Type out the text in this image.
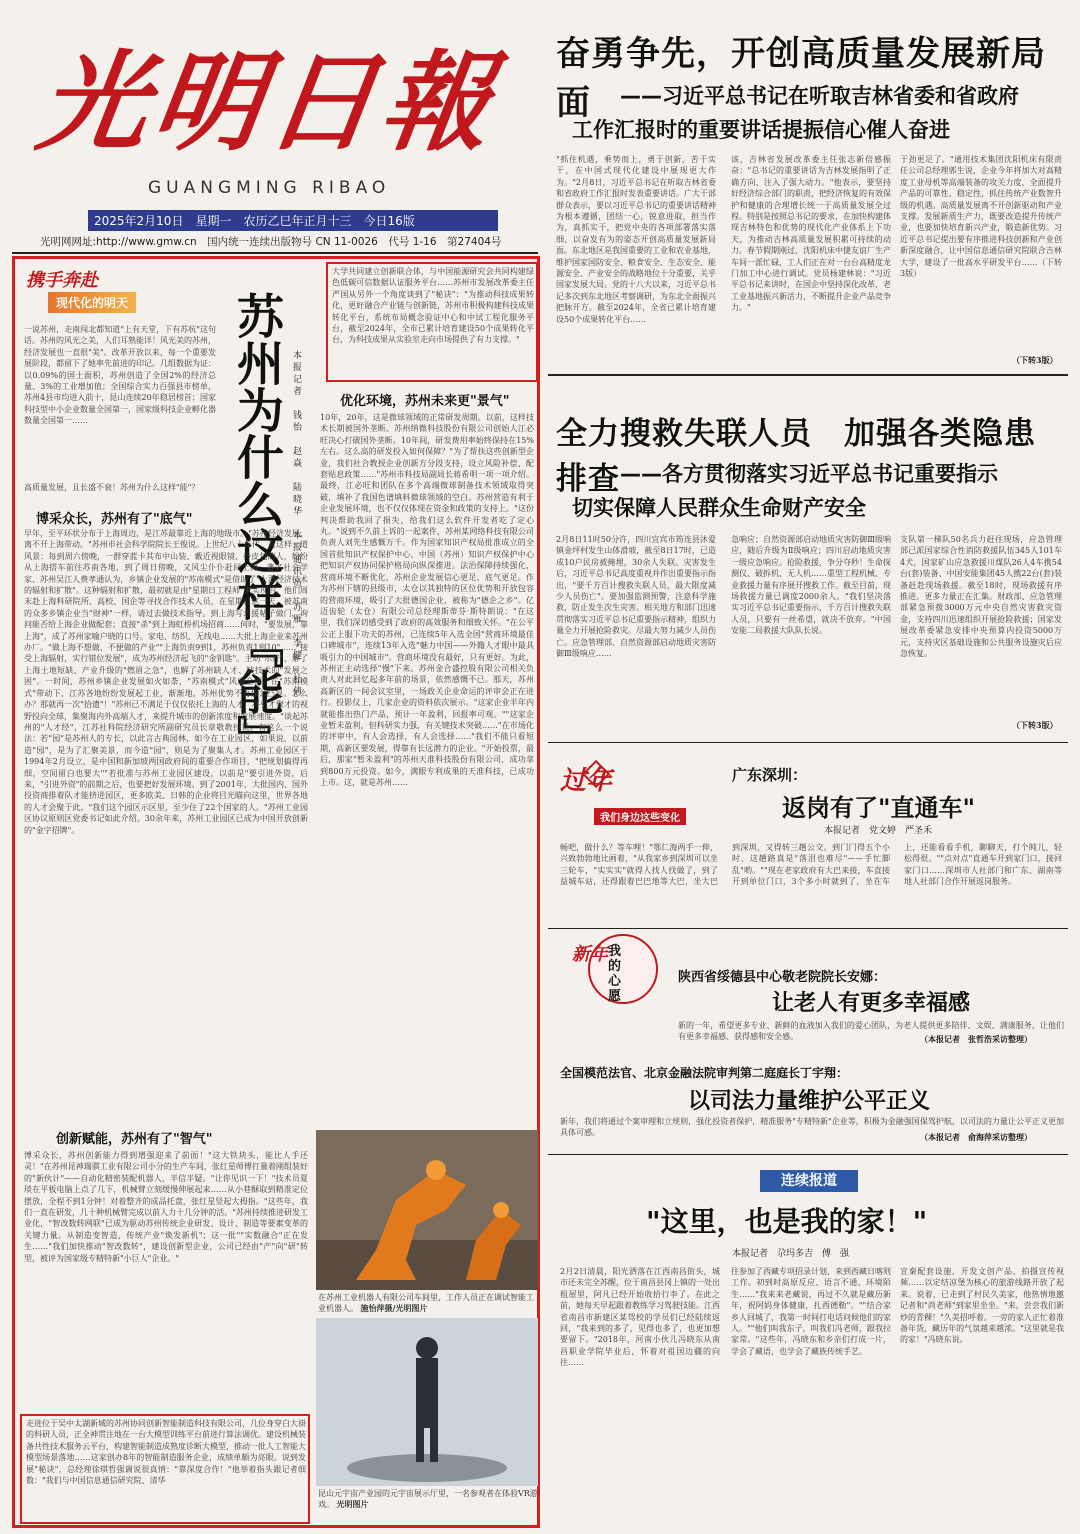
光明日報
GUANGMING RIBAO
2025年2月10日　星期一　农历乙巳年正月十三　今日16版
光明网网址:http://www.gmw.cn　国内统一连续出版物号 CN 11-0026　代号 1-16　第27404号
奋勇争先，开创高质量发展新局面	——习近平总书记在听取吉林省委和省政府
工作汇报时的重要讲话提振信心催人奋进
"抓住机遇，乘势而上，勇于创新，苦干实干，在中国式现代化建设中展现更大作为。"2月8日，习近平总书记在听取吉林省委和省政府工作汇报时发表重要讲话。广大干部群众表示，要以习近平总书记的重要讲话精神为根本遵循，团结一心，锐意进取，担当作为，真抓实干，把党中央的各项部署落实落细，以奋发有为的姿态开创高质量发展新局面。东北地区是我国重要的工业和农业基地，维护国家国防安全、粮食安全、生态安全、能源安全、产业安全的战略地位十分重要，关乎国家发展大局。党的十八大以来，习近平总书记多次到东北地区考察调研，为东北全面振兴把脉开方。截至2024年，全省已累计培育建设50个成果转化平台……
该，吉林省发展改革委主任张志新倍感振奋："总书记的重要讲话为吉林发展指明了正确方向、注入了强大动力。"他表示，要坚持好经济综合部门的职责，把经济恢复的有效保护和健康的合理增长统一于高质量发展全过程。特别是按照总书记的要求，在加快构建体现吉林特色和优势的现代化产业体系上下功夫，为推动吉林高质量发展积累可持续的动力。春节假期刚过，沈阳机床中捷友谊厂生产车间一派忙碌，工人们正在对一台台高精度龙门加工中心进行调试。党员杨建林说："习近平总书记来讲时，在国企中坚持深化改革，老工业基地振兴新活力，不断提升企业产品竞争力。"
于劲更足了。"通用技术集团沈阳机床有限责任公司总经理郭生说，企业今年将加大对高精度工业母机等高端装备的攻关力度，全面提升产品的可靠性、稳定性，抓住传统产业数智升级的机遇。高质量发展离不开创新驱动和产业支撑。发展新质生产力，既要改造提升传统产业，也要加快培育新兴产业，锻造新优势。习近平总书记提出要有序推进科技创新和产业创新深度融合，让中国信息通信研究院联合吉林大学，建设了一批高水平研发平台……（下转3版）
（下转3版）
全力搜救失联人员　加强各类隐患排查 ——各方贯彻落实习近平总书记重要指示
切实保障人民群众生命财产安全
2月8日11时50分许，四川宜宾市筠连县沐爱镇金坪村发生山体滑坡，截至8日17时，已造成10户民房被掩埋，30余人失联。灾害发生后，习近平总书记高度重视并作出重要指示指出，"要千方百计搜救失联人员，最大限度减少人员伤亡"。要加强监测预警，注意科学施救，防止发生次生灾害。相关地方和部门迅速贯彻落实习近平总书记重要指示精神，组织力量全力开展抢险救灾。尽最大努力减少人员伤亡。应急管理部、自然资源部启动地质灾害防御Ⅲ级响应……
急响应；自然资源部启动地质灾害防御Ⅲ级响应，随后升级为Ⅱ级响应；四川启动地质灾害一级应急响应。抢险救援，争分夺秒！生命探测仪、破拆机、无人机……重型工程机械、专业救援力量有序展开搜救工作。截至目前，现场救援力量已调度2000余人。"我们坚决落实习近平总书记重要指示，千方百计搜救失联人员，只要有一丝希望，就决不放弃。"中国安能二局救援大队队长说。
支队第一梯队50名兵力赶往现场，应急管理部已派国家综合性消防救援队伍345人101车4犬，国家矿山应急救援川煤队26人4车携54台(套)装备、中国安能集团45人携22台(套)装备赶赴现场救援。截至18时，现场救援有序推进。更多力量正在汇集。财政部、应急管理部紧急预拨3000万元中央自然灾害救灾资金，支持四川迅速组织开展抢险救援；国家发展改革委紧急安排中央预算内投资5000万元，支持灾区基础设施和公共服务设施灾后应急恢复。
（下转3版）
过年
我们身边这些变化
广东深圳：
返岗有了"直通车"
本报记者　党文婷　严圣禾
畅吧，做什么？等车哩！"鄂仁海两手一伸，兴致勃勃地比画着，"从我家乡到深圳可以坐三轮车，"实实实"就得人找人找做了，到了益城车站，还得跟着巴巴地等大巴，坐大巴到深圳，又得转三趟公交。到门门得五个小时，这趟路真是"落泪也难尽"——手忙脚乱"哟。""现在老家政府有大巴来接，车直接开到单位门口，3个多小时就到了，坐在车上，还能看看手机，聊聊天，打个盹儿，轻松得很。""点对点"直通车开到家门口，接回家门口……深圳市人社部门和广东、湖南等地人社部门合作开展返岗服务。
新年 我的心愿
陕西省绥德县中心敬老院院长安娜：
让老人有更多幸福感
新的一年，希望更多专业、新鲜的血液加入我们的爱心团队，为老人提供更多陪伴、文娱、满康服务，让他们有更多幸福感、获得感和安全感。	（本报记者　张哲浩采访整理）
全国模范法官、北京金融法院审判第二庭庭长丁宇翔：
以司法力量维护公平正义
新年，我们将通过个案审理和立规则，强化投资者保护，精准服务"专精特新"企业等，积极为金融强国保驾护航，以司法的力量让公平正义更加具体可感。	（本报记者　俞海萍采访整理）
连续报道
"这里，也是我的家！"
本报记者　尕玛多吉　傅　强
2月2日清晨，阳光洒落在江西南昌街头，城市还未完全苏醒，位于南昌县冈上镇的一处出租屋里，阿凡已经开始收拾行李了。在此之前，她每天早起跟着教练学习驾驶技能。江西省南昌市新建区某驾校的学员们已经陆续返回，"我来到的多了，见得也多了，也更加想要留下。"2018年，河南小伙儿冯晓东从南昌职业学院毕业后，怀着对祖国边疆的向往……
往参加了西藏专项招录计划，来到西藏日喀则工作。初到时高原反应、语言不通、环境陌生……"我来来老藏说，再过不久就是藏历新年，祝阿妈身体健康，扎西德勒"。""结合家乡人回城了，我第一时间打电话问候他们的家人。""他们叫我东子，叫我们冯老师，跟我拉家常。"这些年，冯晓东和乡亲们打成一片，学会了藏语，也学会了藏族传统手艺。
宣秦配套设施，开发文创产品、拍摄宣传视频……以定结凉堡为核心的旅游线路开放了起来。说着，已走到了村民久美家，他热情地邀记者和"尚老师"到家里坐坐。"来，尝尝我们新炒的青稞！"久美招呼着。一旁的家人正忙着准备年货，藏历年的气氛越来越浓。"这里就是我的家！"冯晓东说。
携手奔赴
现代化的明天
一说苏州，走南闯北都知道"上有天堂，下有苏杭"这句话。苏州的风光之美，人们耳熟能详！风光美的苏州，经济发展也一直很"美"。改革开放以来，每一个重要发展阶段，都留下了她率先前进的印记。几组数据为证：以0.09%的国土面积，苏州创造了全国2%的经济总量、3%的工业增加值；全国综合实力百强县市榜单，苏州4县市均进入前十，昆山连续20年稳居榜首；国家科技型中小企业数量全国第一，国家级科技企业孵化器数量全国第一……
高质量发展，且长盛不衰！苏州为什么这样"能"？ 苏州为什么这样『能』 本报记者　钱怡　赵焱　陆晓华　本报通讯员　苏雁　李健　杜倩
博采众长，苏州有了"底气"
早年，至平环状分布于上海周边，是江苏最靠近上海的地级市。"苏州经济发展，离不开上海带动。"苏州市社会科学院院长王俊说。上世纪八十年代，有这样一道风景：每到周六傍晚，一群穿蓝卡其布中山装、戴近视眼镜、拎皮包的人，纷纷从上海搭车前往苏南各地，到了周日傍晚，又风尘仆仆赶回上海。著名社会学家、苏州吴江人费孝通认为，乡镇企业发展的"苏南模式"是借助了"上海经济技术的辐射和扩散"。这种辐射和扩散，最初就是由"星期日工程师"来实现的。他们周末赴上海科研院所、高校、国企等寻找合作技术人员，在星期日这一天，被苏南的众多乡镇企业当"财神"一样，请过去做技术指导。到上海写求援帖子做门，询问能否给上海企业做配套；直接"杀"到上海虹桥机场招商……何时，"要发展，靠上海"，成了苏州家喻户晓的口号。家电、纺织、无线电……大批上海企业来苏州办厂。"做上海不想做、不便做的产业""上海负责9到1，苏州负责1到10"……"接受上海辐射，实行错位发展"，成为苏州经济起飞的"金钥匙"。主动"示好"，解了上海土地短缺、产业升级的"燃眉之急"，也解了苏州缺人才、缺技术的"发展之困"。一时间，苏州乡镇企业发展如火如荼，"苏南模式"风靡全国。在"苏南模式"带动下，江苏各地纷纷发展起工业，渐渐地，苏州优势不再那么凸显。怎么办？那就再一次"拾遗"！"苏州已不满足于仅仅依托上海的人才，将引才聚才的视野投向全球，集聚海内外高端人才，来提升城市的创新浓度和发展速度。"谈起苏州的"人才经"，江苏社科院经济研究所副研究员长章敬教授说。有这么一个说法：若"园"是苏州人的专长，以此言古典园林，如今在工业园区，如果说，以前造"园"，是为了汇聚美景，而今造"园"，则是为了聚集人才。苏州工业园区于1994年2月设立，是中国和新加坡两国政府间的重要合作项目，"把规划搞得再细，空间留白也要大""若批准与苏州工业园区建设，以前是"要引进外资，后来，"引进外资"的前期之后，也要把好发展环境。到了2001年，大批国内、国外投资商排着队才能挤进园区，更多欧美、日韩的企业将目光瞄向这里，世界各地的人才会聚于此。"我们这个园区示区里，至少住了22个国家的人。"苏州工业园区协议原则区党委书记如此介绍。30余年来，苏州工业园区已成为中国开放创新的"金字招牌"。
创新赋能，苏州有了"智气"
博采众长，苏州创新能力得到增强迎来了前面！"这大铁块头，能比人手还灵！"在苏州昆神瑞骐工业有限公司小分的生产车间，张红星师傅打量着刚组装好的"新伙计"——自动化精密装配机器人，半信半疑。"让你见识一下！"技术员夏琰在平板电脑上点了几下，机械臂立刻缓慢伸展起来……从小巷酥取到精准定位摆放，全程不到1分钟！对着整齐的成品托盘，张红星竖起大拇指。"这些年，我们一直在研发，几十种机械臂完成以前人力十几分钟的活。"苏州持续推进研发工业化，"智改数转网联"已成为驱动苏州传统企业研发、设计、制造等要素变革的关键力量。从制造变智造，传统产业"焕发新机"；这一批""实数融合"正在发生……"我们加快推动"智改数转"，建设创新型企业，公司已经由"产"向"研"转型，被评为国家级专精特新"小巨人"企业。"
大学共同建立创新联合体，与中国能源研究会共同构建绿色低碳可信数据认证服务平台……苏州市发展改革委主任严国从另外一个角度谈到了"秘诀"："为推动科技成果转化，更好融合产业链与创新链，苏州市积极构建科技成果转化平台，系统布局概念验证中心和中试工程化服务平台，截至2024年，全市已累计培育建设50个成果转化平台，为科技成果从实验室走向市场提供了有力支撑。"
优化环境，苏州未来更"景气"
10年，20年，这是微球领域的正常研发周期。以前，这样技术长期被国外垄断。苏州纳微科技股份有限公司创始人江必旺决心打破国外垄断。10年间，研发费用率始终保持在15%左右。这么高的研发投入如何保障？"为了帮扶这些创新型企业，我们社合教授企业创新方分段支持，设立风险补偿、配套贴息政策……"苏州市科技局副局长蒋希明一项一项介绍。最终，江必旺和团队在多个高端微球制备技术领域取得突破，填补了我国色谱填料微球领域的空白。苏州营造有利于企业发展环境，也不仅仅体现在资金和政策的支持上。"这份判决帮助我回了损失，给我们这么软件开发者吃了定心丸。"说到不久前上诉的一起案件，苏州某网络科技有限公司负责人刘先生感慨万千。作为国家知识产权局批准成立的全国首批知识产权保护中心，中国（苏州）知识产权保护中心把知识产权协同保护格局向纵深推进。法治保障持续强化，营商环境不断优化，苏州企业发展信心更足、底气更足。作为苏州下辖的县级市，太仓以其独特的区位优势和开放包容的营商环境，吸引了大批德国企业，被称为"德企之乡"。亿迈齿轮（太仓）有限公司总经理斯蒂芬·斯特朗说："在这里，我们深切感受到了政府的高效服务和细致关怀。"在公平公正上服下功夫的苏州，已连续5年入选全国"营商环境最佳口碑城市"，连续13年入选"魅力中国——外籍人才眼中最具吸引力的中国城市"。营商环境没有最好，只有更好。为此，苏州正主动选择"慢"下来。苏州金合盛控股有限公司相关负责人对此回忆起多年前的场景，依然感慨不已。那天，苏州高新区的一间会议室里，一场政关企业命运的评审会正在进行。投影仪上，几家企业的资料依次展示。"这家企业半年内就能推出热门产品，预计一年盈利，回报率可观。""这家企业暂未盈利，但科研实力强，有关键技术突破……"在市场化的评审中，有人会选择，有人会选择……"我们不能只看短期，高新区要发展，得靠有长远潜力的企业。"开始投票，最后，那家"暂未盈利"的苏州天准科技股份有限公司，成功拿到800万元投资。如今，满眼专利成果的天准科技，已成功上市。这，就是苏州……
在苏州工业机器人有限公司车间里，工作人员正在调试智能工业机器人。 施怡萍摄/光明图片
昆山元宇宙产业园的元宇宙展示厅里，一名参观者在体验VR游戏。 光明图片
走进位于吴中太湖新城的苏州协同创新智能制造科技有限公司，几位身穿白大褂的科研人员，正全神贯注地在一台大模型训练平台前进行算法调优。建设机械装备共性技术服务云平台，构建智能制造成熟度诊断大模型，推动一批人工智能大模型场景落地……这家创办8年的智能制造服务企业，成绩单颇为亮眼。说到发展"秘诀"，总经理徐琪哲强调说很真情："靠深度合作！"他举着指头跟记者细数："我们与中国信息通信研究院、清华
